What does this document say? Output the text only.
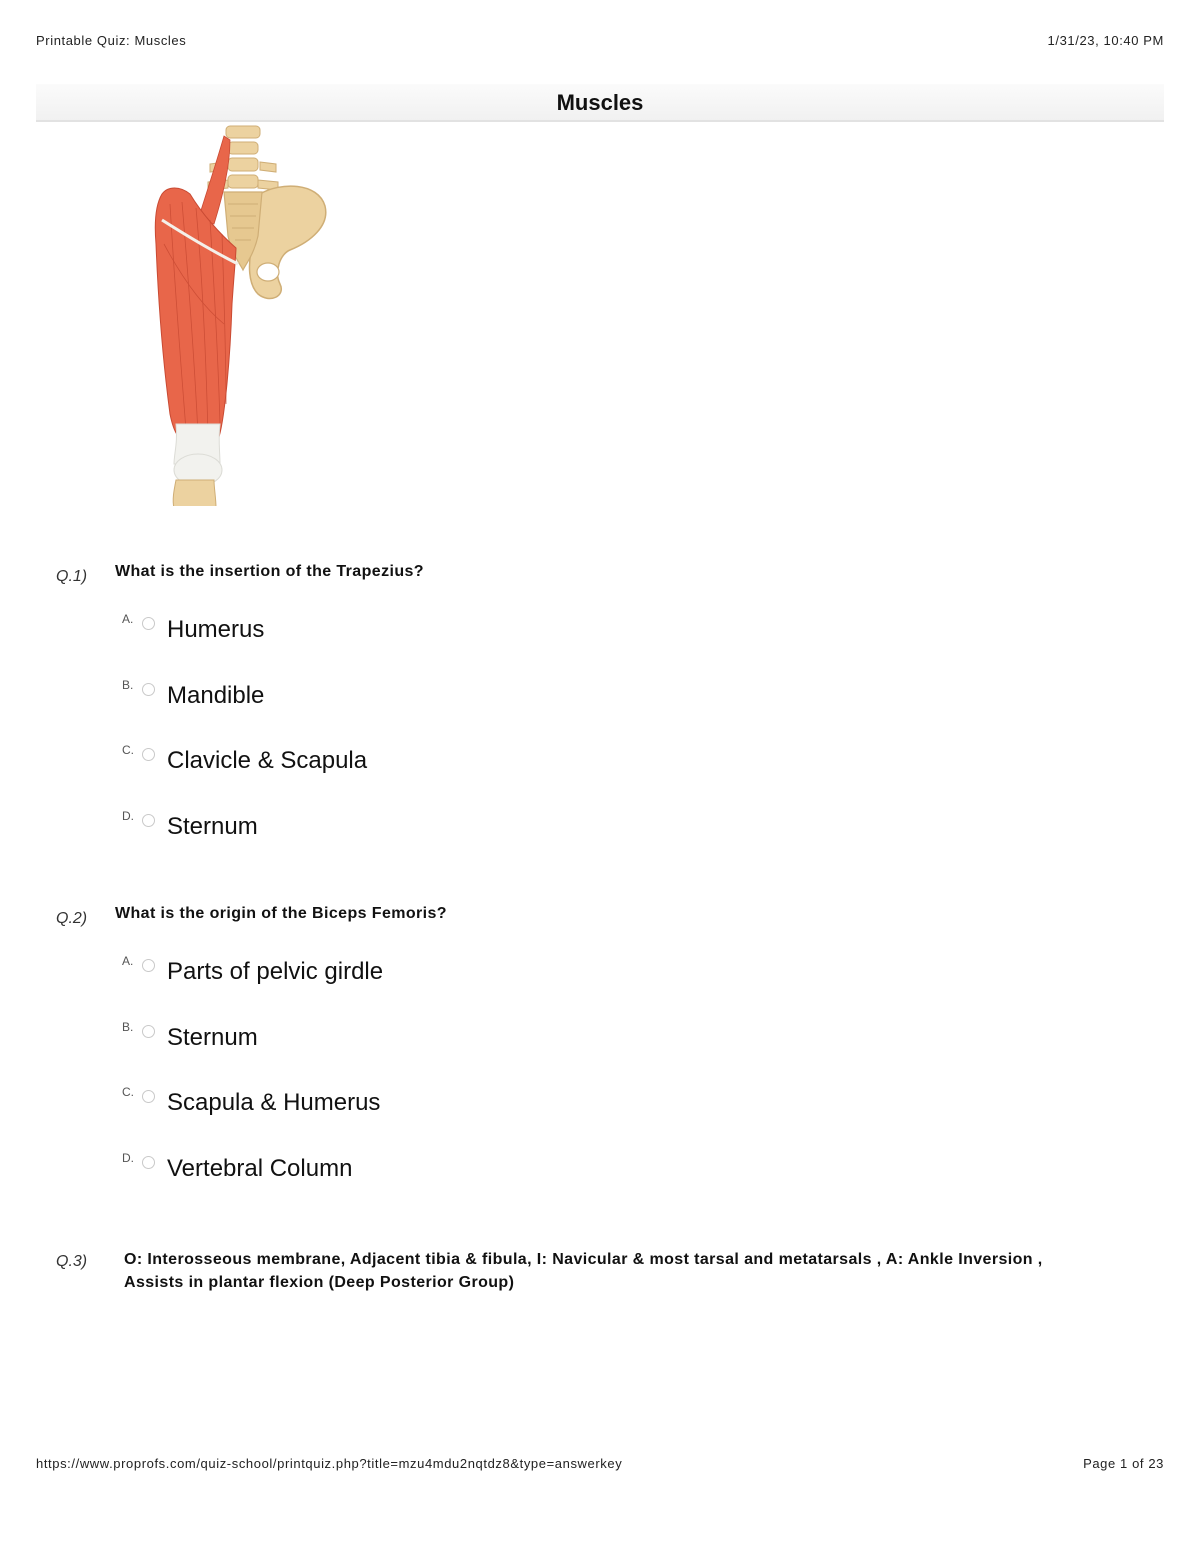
Printable Quiz: Muscles	1/31/23, 10:40 PM
Muscles
Q.1) What is the insertion of the Trapezius?
A. Humerus
B. Mandible
C. Clavicle & Scapula
D. Sternum
Q.2) What is the origin of the Biceps Femoris?
A. Parts of pelvic girdle
B. Sternum
C. Scapula & Humerus
D. Vertebral Column
Q.3) O: Interosseous membrane, Adjacent tibia & fibula, I: Navicular & most tarsal and metatarsals , A: Ankle Inversion , Assists in plantar flexion (Deep Posterior Group)
https://www.proprofs.com/quiz-school/printquiz.php?title=mzu4mdu2nqtdz8&type=answerkey	Page 1 of 23
